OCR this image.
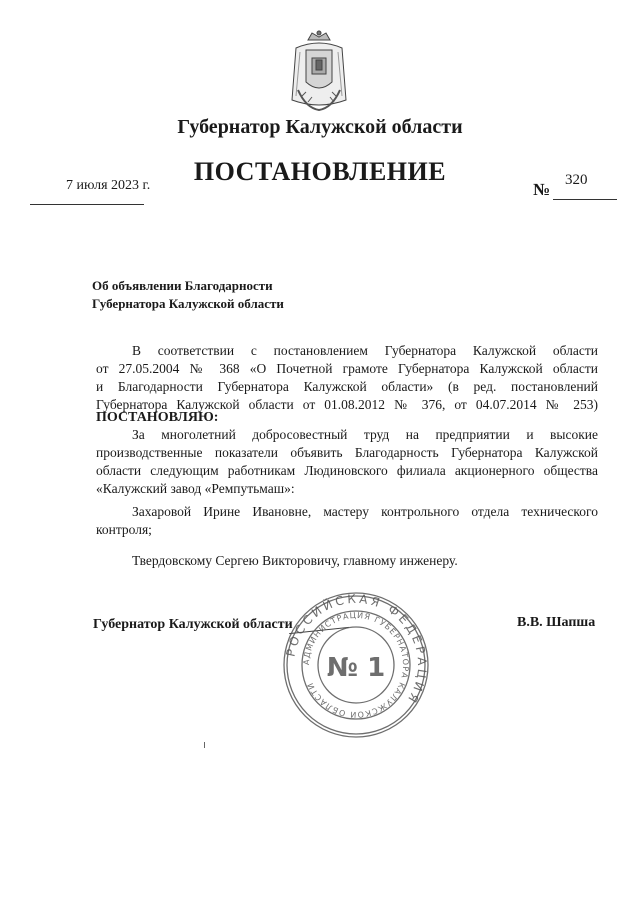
Губернатор Калужской области
ПОСТАНОВЛЕНИЕ
7 июля 2023 г.	№ 320
Об объявлении Благодарности
Губернатора Калужской области
В соответствии с постановлением Губернатора Калужской области
от 27.05.2004 № 368 «О Почетной грамоте Губернатора Калужской области
и Благодарности Губернатора Калужской области» (в ред. постановлений
Губернатора Калужской области от 01.08.2012 № 376, от 04.07.2014 № 253)
ПОСТАНОВЛЯЮ:
За многолетний добросовестный труд на предприятии и высокие
производственные показатели объявить Благодарность Губернатора Калужской
области следующим работникам Людиновского филиала акционерного общества
«Калужский завод «Ремпутьмаш»:
Захаровой Ирине Ивановне, мастеру контрольного отдела технического
контроля;
Твердовскому Сергею Викторовичу, главному инженеру.
Губернатор Калужской области	В.В. Шапша
РОССИЙСКАЯ ФЕДЕРАЦИЯ
АДМИНИСТРАЦИЯ ГУБЕРНАТОРА КАЛУЖСКОЙ ОБЛАСТИ
№ 1
